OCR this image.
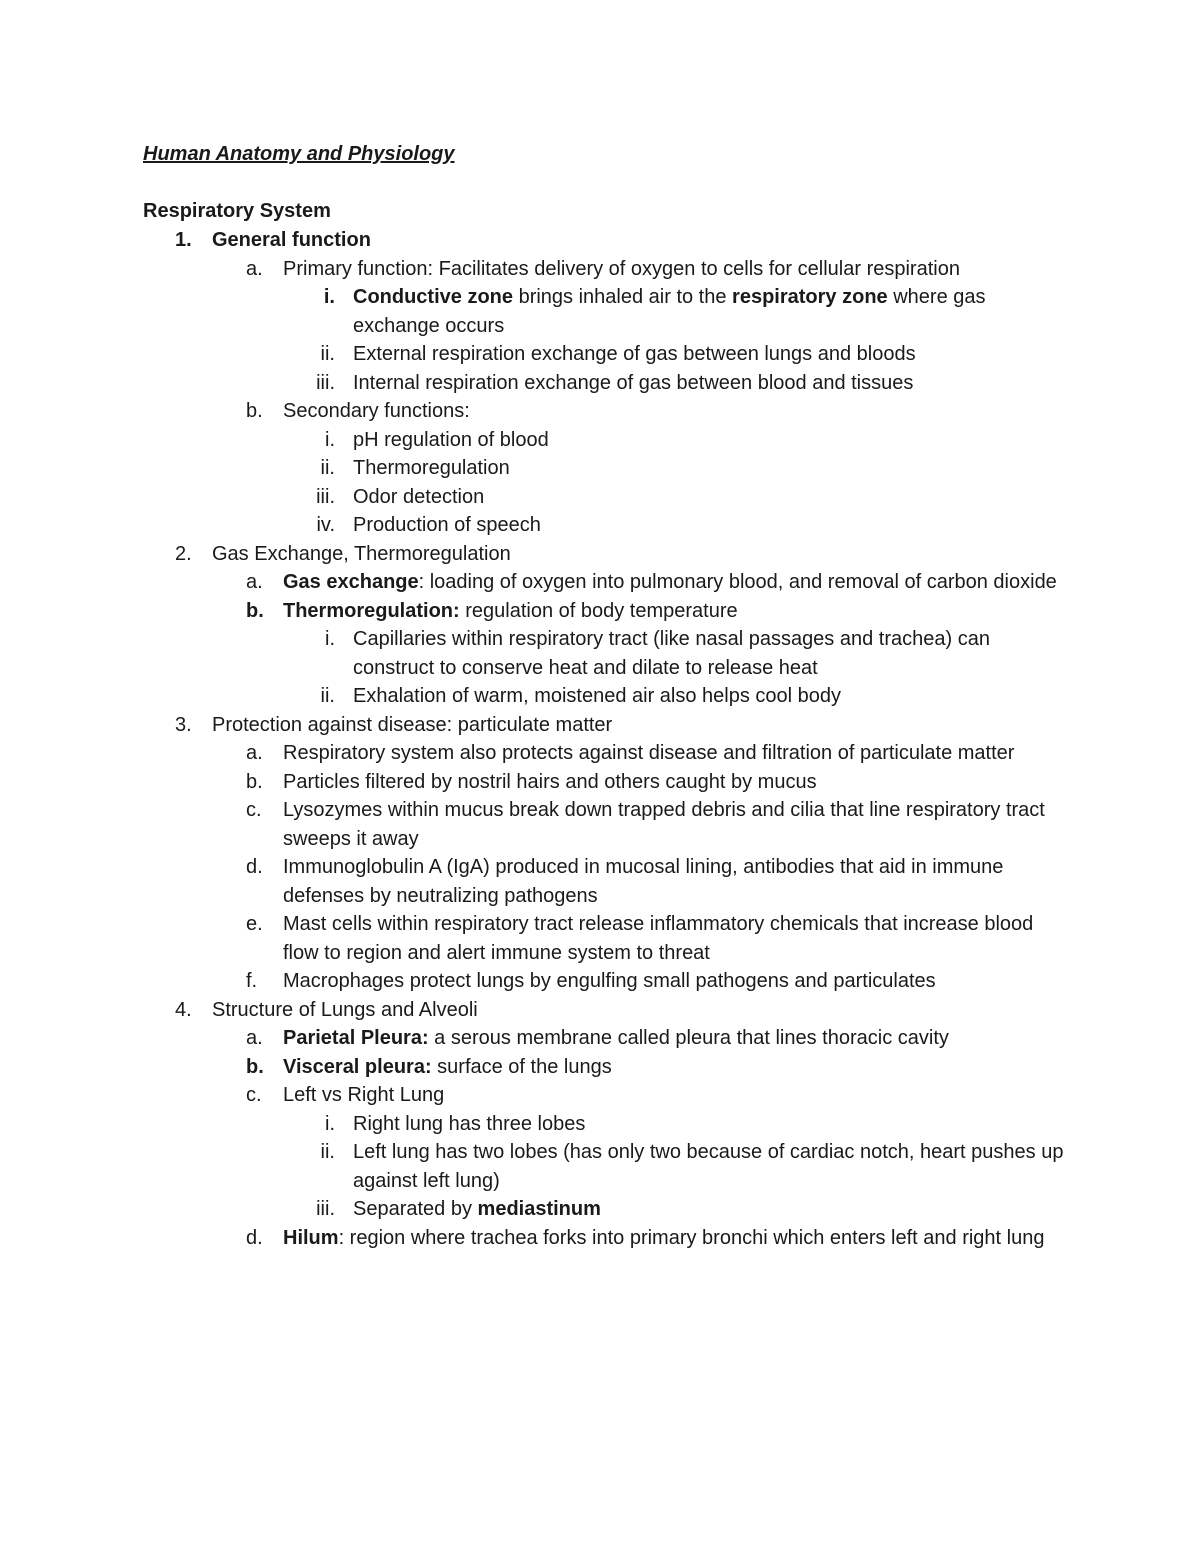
Human Anatomy and Physiology
Respiratory System
1. General function
a. Primary function: Facilitates delivery of oxygen to cells for cellular respiration
i. Conductive zone brings inhaled air to the respiratory zone where gas exchange occurs
ii. External respiration exchange of gas between lungs and bloods
iii. Internal respiration exchange of gas between blood and tissues
b. Secondary functions:
i. pH regulation of blood
ii. Thermoregulation
iii. Odor detection
iv. Production of speech
2. Gas Exchange, Thermoregulation
a. Gas exchange: loading of oxygen into pulmonary blood, and removal of carbon dioxide
b. Thermoregulation: regulation of body temperature
i. Capillaries within respiratory tract (like nasal passages and trachea) can construct to conserve heat and dilate to release heat
ii. Exhalation of warm, moistened air also helps cool body
3. Protection against disease: particulate matter
a. Respiratory system also protects against disease and filtration of particulate matter
b. Particles filtered by nostril hairs and others caught by mucus
c. Lysozymes within mucus break down trapped debris and cilia that line respiratory tract sweeps it away
d. Immunoglobulin A (IgA) produced in mucosal lining, antibodies that aid in immune defenses by neutralizing pathogens
e. Mast cells within respiratory tract release inflammatory chemicals that increase blood flow to region and alert immune system to threat
f. Macrophages protect lungs by engulfing small pathogens and particulates
4. Structure of Lungs and Alveoli
a. Parietal Pleura: a serous membrane called pleura that lines thoracic cavity
b. Visceral pleura: surface of the lungs
c. Left vs Right Lung
i. Right lung has three lobes
ii. Left lung has two lobes (has only two because of cardiac notch, heart pushes up against left lung)
iii. Separated by mediastinum
d. Hilum: region where trachea forks into primary bronchi which enters left and right lung
